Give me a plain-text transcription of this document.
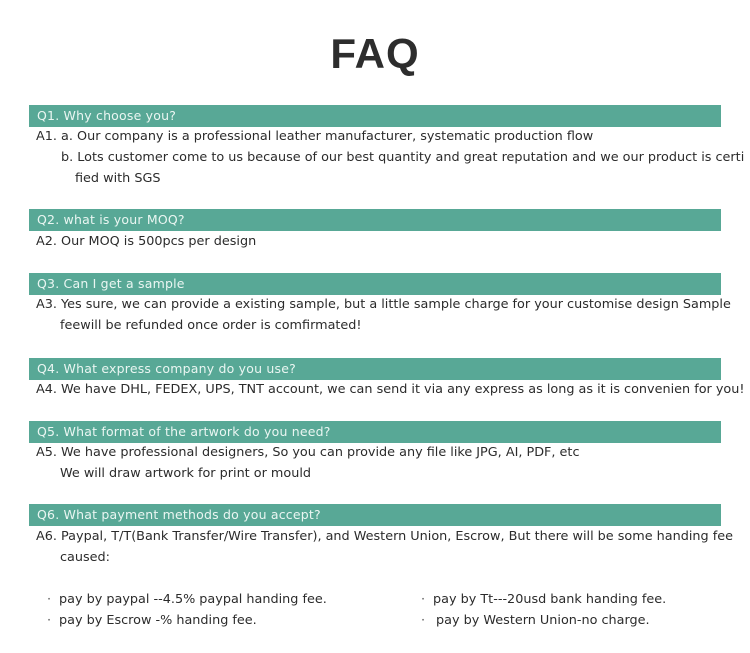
FAQ
Q1. Why choose you?
A1. a. Our company is a professional leather manufacturer, systematic production flow
b. Lots customer come to us because of our best quantity and great reputation and we our product is certi
fied with SGS
Q2. what is your MOQ?
A2. Our MOQ is 500pcs per design
Q3. Can I get a sample
A3. Yes sure, we can provide a existing sample, but a little sample charge for your customise design Sample
feewill be refunded once order is comfirmated!
Q4. What express company do you use?
A4. We have DHL, FEDEX, UPS, TNT account, we can send it via any express as long as it is convenien for you!
Q5. What format of the artwork do you need?
A5. We have professional designers, So you can provide any file like JPG, AI, PDF, etc
We will draw artwork for print or mould
Q6. What payment methods do you accept?
A6. Paypal, T/T(Bank Transfer/Wire Transfer), and Western Union, Escrow, But there will be some handing fee
caused:
· pay by paypal --4.5% paypal handing fee.	· pay by Tt---20usd bank handing fee.
· pay by Escrow -% handing fee.	· pay by Western Union-no charge.
